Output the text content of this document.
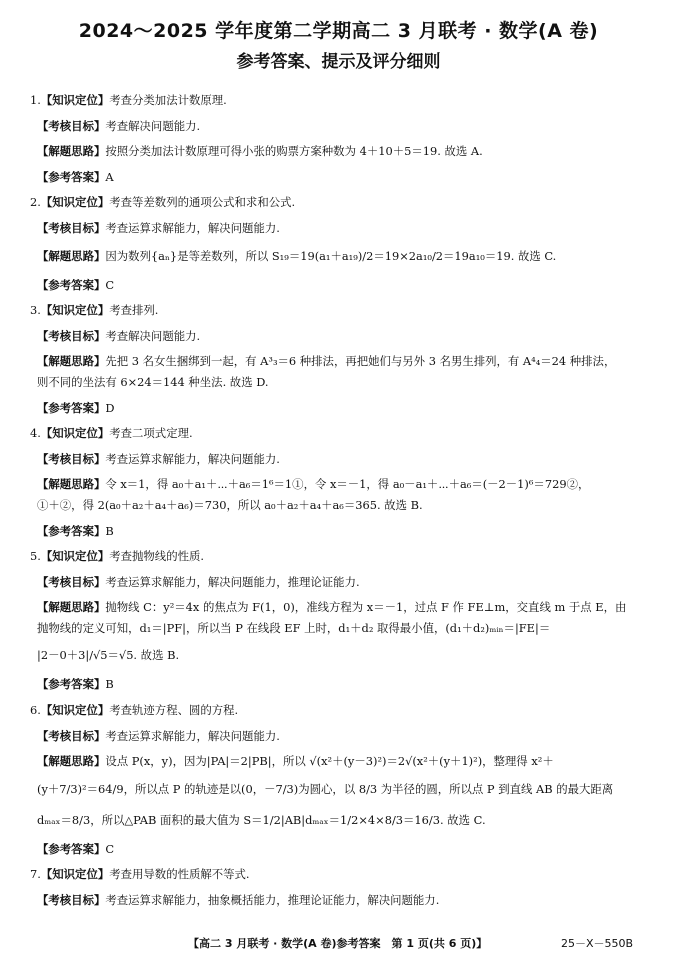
2024～2025 学年度第二学期高二 3 月联考 · 数学(A 卷)
参考答案、提示及评分细则
1.【知识定位】考查分类加法计数原理.
【考核目标】考查解决问题能力.
【解题思路】按照分类加法计数原理可得小张的购票方案种数为 4＋10＋5＝19. 故选 A.
【参考答案】A
2.【知识定位】考查等差数列的通项公式和求和公式.
【考核目标】考查运算求解能力，解决问题能力.
【解题思路】因为数列{aₙ}是等差数列，所以 S₁₉＝19(a₁＋a₁₉)/2＝19×2a₁₀/2＝19a₁₀＝19. 故选 C.
【参考答案】C
3.【知识定位】考查排列.
【考核目标】考查解决问题能力.
【解题思路】先把 3 名女生捆绑到一起，有 A³₃＝6 种排法，再把她们与另外 3 名男生排列，有 A⁴₄＝24 种排法，
则不同的坐法有 6×24＝144 种坐法. 故选 D.
【参考答案】D
4.【知识定位】考查二项式定理.
【考核目标】考查运算求解能力，解决问题能力.
【解题思路】令 x＝1，得 a₀＋a₁＋⋯＋a₆＝1⁶＝1①，令 x＝－1，得 a₀－a₁＋⋯＋a₆＝(－2－1)⁶＝729②，
①＋②，得 2(a₀＋a₂＋a₄＋a₆)＝730，所以 a₀＋a₂＋a₄＋a₆＝365. 故选 B.
【参考答案】B
5.【知识定位】考查抛物线的性质.
【考核目标】考查运算求解能力，解决问题能力，推理论证能力.
【解题思路】抛物线 C：y²＝4x 的焦点为 F(1，0)，准线方程为 x＝－1，过点 F 作 FE⊥m，交直线 m 于点 E，由
抛物线的定义可知，d₁＝|PF|，所以当 P 在线段 EF 上时，d₁＋d₂ 取得最小值，(d₁＋d₂)ₘᵢₙ＝|FE|＝
|2－0＋3|/√5＝√5. 故选 B.
【参考答案】B
6.【知识定位】考查轨迹方程、圆的方程.
【考核目标】考查运算求解能力，解决问题能力.
【解题思路】设点 P(x，y)，因为|PA|＝2|PB|，所以 √(x²＋(y－3)²)＝2√(x²＋(y＋1)²)，整理得 x²＋
(y＋7/3)²＝64/9，所以点 P 的轨迹是以(0，－7/3)为圆心，以 8/3 为半径的圆，所以点 P 到直线 AB 的最大距离
dₘₐₓ＝8/3，所以△PAB 面积的最大值为 S＝1/2|AB|dₘₐₓ＝1/2×4×8/3＝16/3. 故选 C.
【参考答案】C
7.【知识定位】考查用导数的性质解不等式.
【考核目标】考查运算求解能力，抽象概括能力，推理论证能力，解决问题能力.
【高二 3 月联考 · 数学(A 卷)参考答案　第 1 页(共 6 页)】	25－X－550B
